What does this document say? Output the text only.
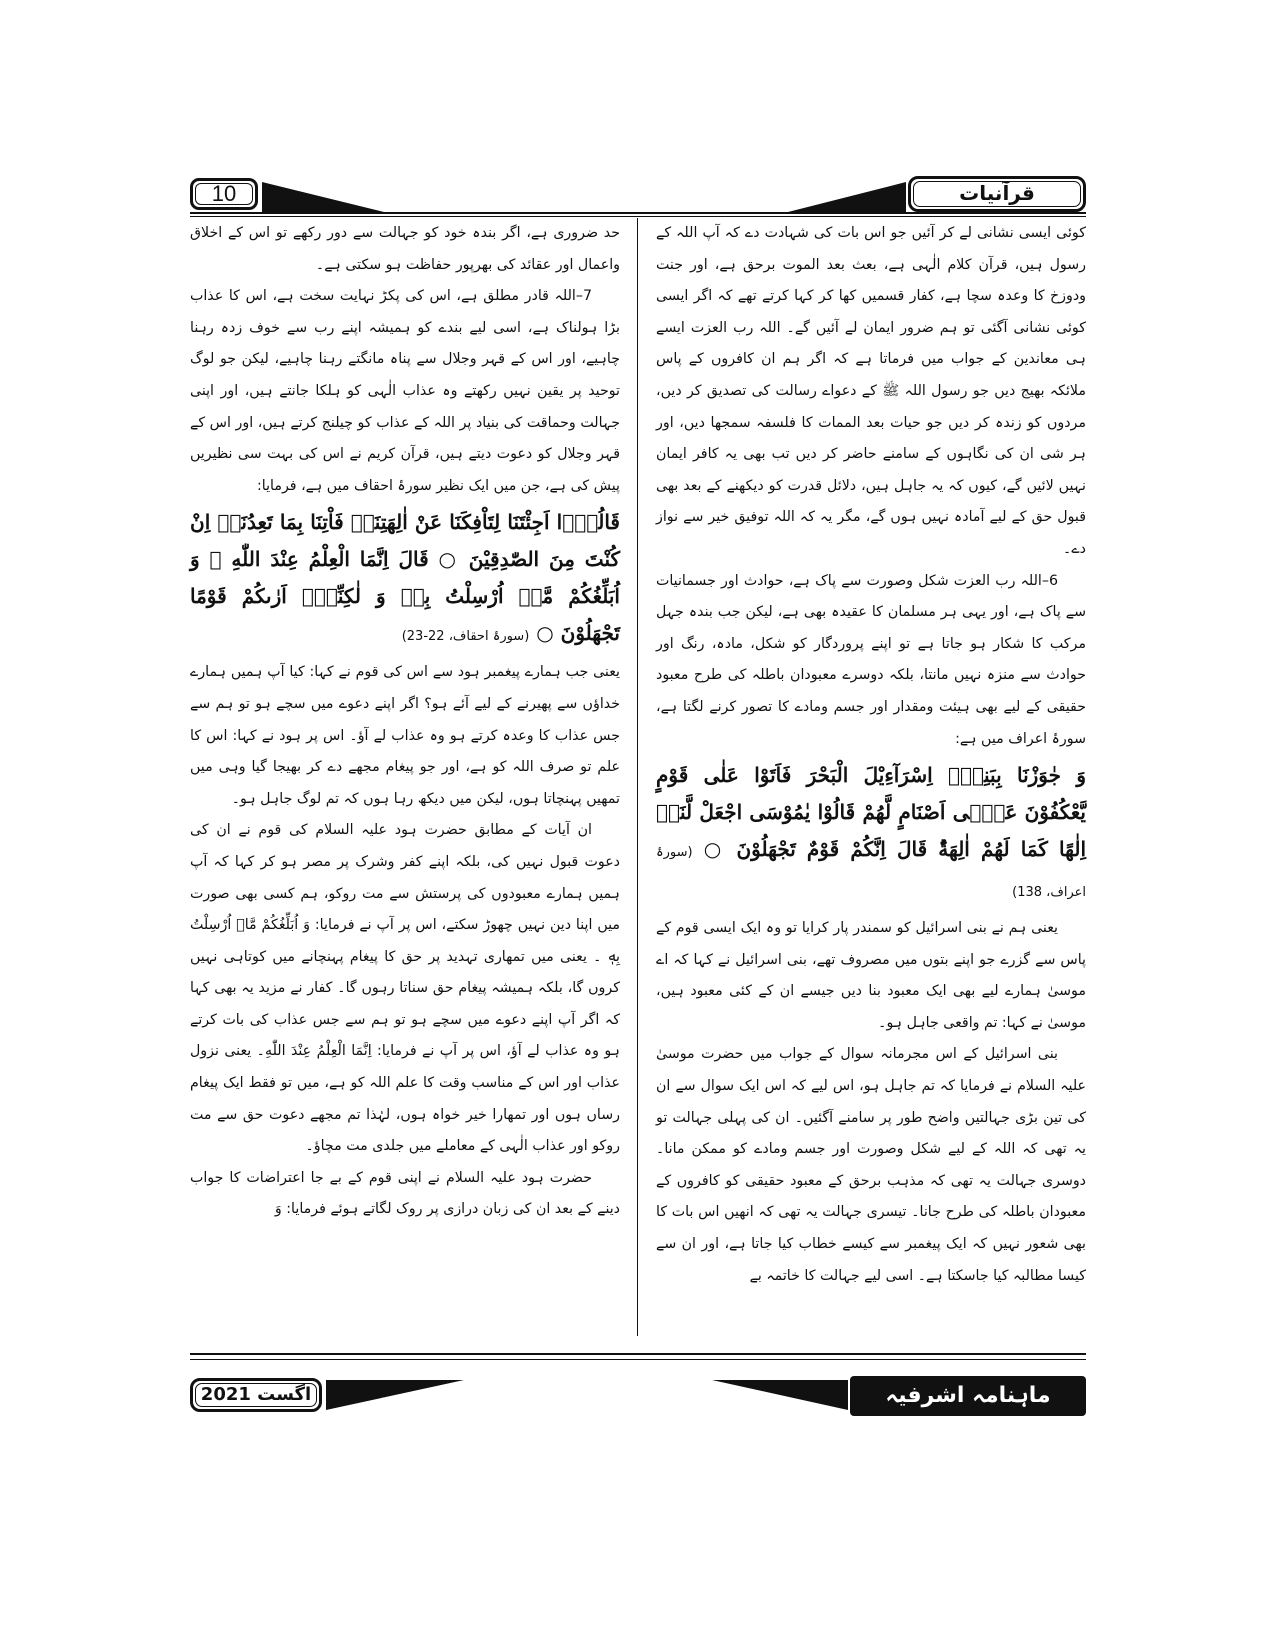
10	قرآنیات

کوئی ایسی نشانی لے کر آئیں جو اس بات کی شہادت دے کہ آپ اللہ کے رسول ہیں، قرآن کلام الٰہی ہے، بعث بعد الموت برحق ہے، اور جنت ودوزخ کا وعدہ سچا ہے، کفار قسمیں کھا کر کہا کرتے تھے کہ اگر ایسی کوئی نشانی آگئی تو ہم ضرور ایمان لے آئیں گے۔ اللہ رب العزت ایسے ہی معاندین کے جواب میں فرماتا ہے کہ اگر ہم ان کافروں کے پاس ملائکہ بھیج دیں جو رسول اللہ ﷺ کے دعواے رسالت کی تصدیق کر دیں، مردوں کو زندہ کر دیں جو حیات بعد الممات کا فلسفہ سمجھا دیں، اور ہر شی ان کی نگاہوں کے سامنے حاضر کر دیں تب بھی یہ کافر ایمان نہیں لائیں گے، کیوں کہ یہ جاہل ہیں، دلائل قدرت کو دیکھنے کے بعد بھی قبول حق کے لیے آمادہ نہیں ہوں گے، مگر یہ کہ اللہ توفیق خیر سے نواز دے۔

6–اللہ رب العزت شکل وصورت سے پاک ہے، حوادث اور جسمانیات سے پاک ہے، اور یہی ہر مسلمان کا عقیدہ بھی ہے، لیکن جب بندہ جہل مرکب کا شکار ہو جاتا ہے تو اپنے پروردگار کو شکل، مادہ، رنگ اور حوادث سے منزہ نہیں مانتا، بلکہ دوسرے معبودان باطلہ کی طرح معبود حقیقی کے لیے بھی ہیئت ومقدار اور جسم ومادے کا تصور کرنے لگتا ہے، سورۂ اعراف میں ہے:

وَ جٰوَزْنَا بِبَنِیْۤ اِسْرَآءِیْلَ الْبَحْرَ فَاَتَوْا عَلٰی قَوْمٍ یَّعْكُفُوْنَ عَلٰۤی اَصْنَامٍ لَّهُمْ قَالُوْا یٰمُوْسَی اجْعَلْ لَّنَاۤ اِلٰهًا كَمَا لَهُمْ اٰلِهَةٌؕ قَالَ اِنَّكُمْ قَوْمٌ تَجْهَلُوْنَ ○ (سورۂ اعراف، 138)

یعنی ہم نے بنی اسرائیل کو سمندر پار کرایا تو وہ ایک ایسی قوم کے پاس سے گزرے جو اپنے بتوں میں مصروف تھے، بنی اسرائیل نے کہا کہ اے موسیٰ ہمارے لیے بھی ایک معبود بنا دیں جیسے ان کے کئی معبود ہیں، موسیٰ نے کہا: تم واقعی جاہل ہو۔

بنی اسرائیل کے اس مجرمانہ سوال کے جواب میں حضرت موسیٰ علیہ السلام نے فرمایا کہ تم جاہل ہو، اس لیے کہ اس ایک سوال سے ان کی تین بڑی جہالتیں واضح طور پر سامنے آگئیں۔ ان کی پہلی جہالت تو یہ تھی کہ اللہ کے لیے شکل وصورت اور جسم ومادے کو ممکن مانا۔ دوسری جہالت یہ تھی کہ مذہب برحق کے معبود حقیقی کو کافروں کے معبودان باطلہ کی طرح جانا۔ تیسری جہالت یہ تھی کہ انھیں اس بات کا بھی شعور نہیں کہ ایک پیغمبر سے کیسے خطاب کیا جاتا ہے، اور ان سے کیسا مطالبہ کیا جاسکتا ہے۔ اسی لیے جہالت کا خاتمہ بے

حد ضروری ہے، اگر بندہ خود کو جہالت سے دور رکھے تو اس کے اخلاق واعمال اور عقائد کی بھرپور حفاظت ہو سکتی ہے۔

7–اللہ قادر مطلق ہے، اس کی پکڑ نہایت سخت ہے، اس کا عذاب بڑا ہولناک ہے، اسی لیے بندے کو ہمیشہ اپنے رب سے خوف زدہ رہنا چاہیے، اور اس کے قہر وجلال سے پناہ مانگتے رہنا چاہیے، لیکن جو لوگ توحید پر یقین نہیں رکھتے وہ عذاب الٰہی کو ہلکا جانتے ہیں، اور اپنی جہالت وحماقت کی بنیاد پر اللہ کے عذاب کو چیلنج کرتے ہیں، اور اس کے قہر وجلال کو دعوت دیتے ہیں، قرآن کریم نے اس کی بہت سی نظیریں پیش کی ہے، جن میں ایک نظیر سورۂ احقاف میں ہے، فرمایا:

قَالُوْۤا اَجِئْتَنَا لِتَاْفِكَنَا عَنْ اٰلِهَتِنَاۚ فَاْتِنَا بِمَا تَعِدُنَاۤ اِنْ كُنْتَ مِنَ الصّٰدِقِیْنَ ○ قَالَ اِنَّمَا الْعِلْمُ عِنْدَ اللّٰهِ ﳲ وَ اُبَلِّغُكُمْ مَّاۤ اُرْسِلْتُ بِهٖ وَ لٰكِنِّیْۤ اَرٰىكُمْ قَوْمًا تَجْهَلُوْنَ ○ (سورۂ احقاف، 22-23)

یعنی جب ہمارے پیغمبر ہود سے اس کی قوم نے کہا: کیا آپ ہمیں ہمارے خداؤں سے پھیرنے کے لیے آئے ہو؟ اگر اپنے دعوے میں سچے ہو تو ہم سے جس عذاب کا وعدہ کرتے ہو وہ عذاب لے آؤ۔ اس پر ہود نے کہا: اس کا علم تو صرف اللہ کو ہے، اور جو پیغام مجھے دے کر بھیجا گیا وہی میں تمھیں پہنچاتا ہوں، لیکن میں دیکھ رہا ہوں کہ تم لوگ جاہل ہو۔

ان آیات کے مطابق حضرت ہود علیہ السلام کی قوم نے ان کی دعوت قبول نہیں کی، بلکہ اپنے کفر وشرک پر مصر ہو کر کہا کہ آپ ہمیں ہمارے معبودوں کی پرستش سے مت روکو، ہم کسی بھی صورت میں اپنا دین نہیں چھوڑ سکتے، اس پر آپ نے فرمایا: وَ اُبَلِّغُكُمْ مَّاۤ اُرْسِلْتُ بِهٖ ۔ یعنی میں تمھاری تہدید پر حق کا پیغام پہنچانے میں کوتاہی نہیں کروں گا، بلکہ ہمیشہ پیغام حق سناتا رہوں گا۔ کفار نے مزید یہ بھی کہا کہ اگر آپ اپنے دعوے میں سچے ہو تو ہم سے جس عذاب کی بات کرتے ہو وہ عذاب لے آؤ، اس پر آپ نے فرمایا: اِنَّمَا الْعِلْمُ عِنْدَ اللّٰهِ۔ یعنی نزول عذاب اور اس کے مناسب وقت کا علم اللہ کو ہے، میں تو فقط ایک پیغام رساں ہوں اور تمھارا خیر خواہ ہوں، لہٰذا تم مجھے دعوت حق سے مت روکو اور عذاب الٰہی کے معاملے میں جلدی مت مچاؤ۔

حضرت ہود علیہ السلام نے اپنی قوم کے بے جا اعتراضات کا جواب دینے کے بعد ان کی زبان درازی پر روک لگاتے ہوئے فرمایا: وَ

اگست 2021	ماہنامہ اشرفیہ
